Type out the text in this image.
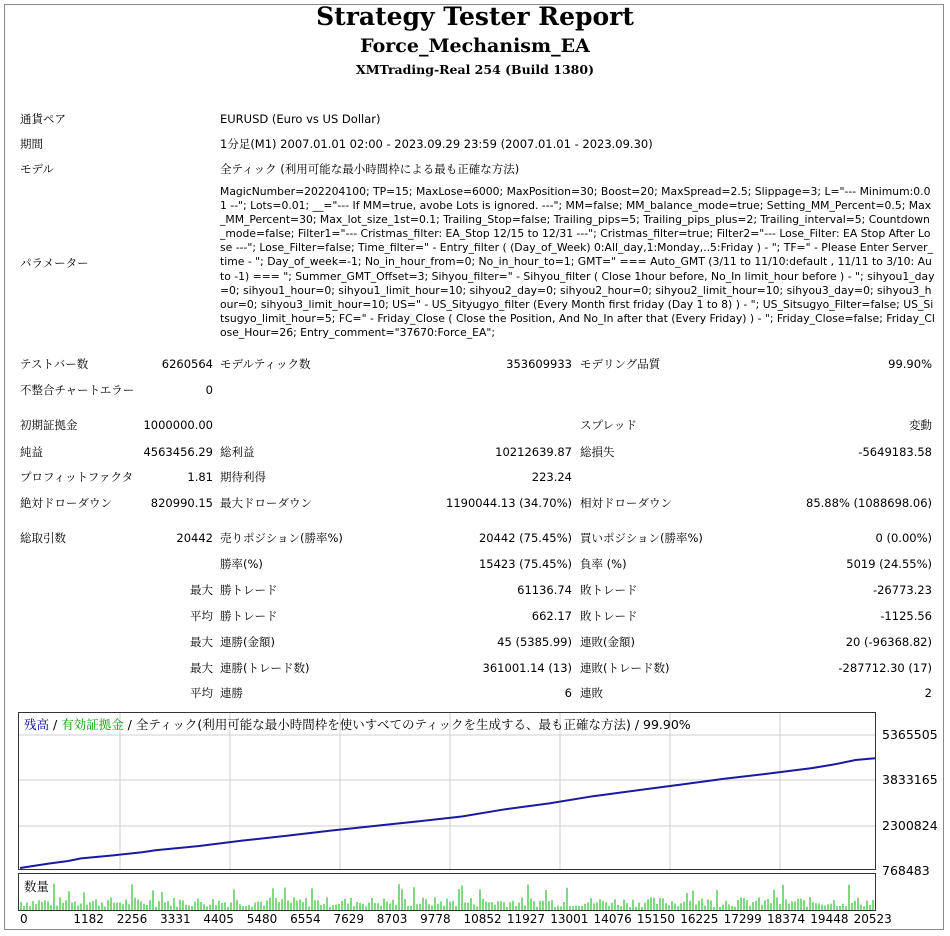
Strategy Tester Report
Force_Mechanism_EA
XMTrading-Real 254 (Build 1380)
通貨ペア	EURUSD (Euro vs US Dollar)
期間	1分足(M1) 2007.01.01 02:00 - 2023.09.29 23:59 (2007.01.01 - 2023.09.30)
モデル	全ティック (利用可能な最小時間枠による最も正確な方法)
パラメーター
MagicNumber=202204100; TP=15; MaxLose=6000; MaxPosition=30; Boost=20; MaxSpread=2.5; Slippage=3; L="--- Minimum:0.01 --"; Lots=0.01; __="--- If MM=true, avobe Lots is ignored. ---"; MM=false; MM_balance_mode=true; Setting_MM_Percent=0.5; Max_MM_Percent=30; Max_lot_size_1st=0.1; Trailing_Stop=false; Trailing_pips=5; Trailing_pips_plus=2; Trailing_interval=5; Countdown_mode=false; Filter1="--- Cristmas_filter: EA_Stop 12/15 to 12/31 ---"; Cristmas_filter=true; Filter2="--- Lose_Filter: EA Stop After Lose ---"; Lose_Filter=false; Time_filter=" - Entry_filter ( (Day_of_Week) 0:All_day,1:Monday,..5:Friday ) - "; TF=" - Please Enter Server_time - "; Day_of_week=-1; No_in_hour_from=0; No_in_hour_to=1; GMT=" === Auto_GMT (3/11 to 11/10:default , 11/11 to 3/10: Auto -1) === "; Summer_GMT_Offset=3; Sihyou_filter=" - Sihyou_filter ( Close 1hour before, No_In limit_hour before ) - "; sihyou1_day=0; sihyou1_hour=0; sihyou1_limit_hour=10; sihyou2_day=0; sihyou2_hour=0; sihyou2_limit_hour=10; sihyou3_day=0; sihyou3_hour=0; sihyou3_limit_hour=10; US=" - US_Sityugyo_filter (Every Month first friday (Day 1 to 8) ) - "; US_Sitsugyo_Filter=false; US_Sitsugyo_limit_hour=5; FC=" - Friday_Close ( Close the Position, And No_In after that (Every Friday) ) - "; Friday_Close=false; Friday_Close_Hour=26; Entry_comment="37670:Force_EA";
テストバー数	6260564 モデルティック数	353609933 モデリング品質	99.90%
不整合チャートエラー	0
初期証拠金	1000000.00	スプレッド	変動
純益	4563456.29 総利益	10212639.87 総損失	-5649183.58
プロフィットファクタ	1.81 期待利得	223.24
絶対ドローダウン	820990.15 最大ドローダウン	1190044.13 (34.70%) 相対ドローダウン	85.88% (1088698.06)
総取引数	20442 売りポジション(勝率%)	20442 (75.45%) 買いポジション(勝率%)	0 (0.00%)
勝率(%)	15423 (75.45%) 負率 (%)	5019 (24.55%)
最大 勝トレード	61136.74 敗トレード	-26773.23
平均 勝トレード	662.17 敗トレード	-1125.56
最大 連勝(金額)	45 (5385.99) 連敗(金額)	20 (-96368.82)
最大 連勝(トレード数)	361001.14 (13) 連敗(トレード数)	-287712.30 (17)
平均 連勝	6 連敗	2
残高 / 有効証拠金 / 全ティック(利用可能な最小時間枠を使いすべてのティックを生成する、最も正確な方法) / 99.90%
5365505
3833165
2300824
768483
数量
0	1182 2256 3331 4405 5480 6554 7629 8703 9778 10852 11927 13001 14076 15150 16225 17299 18374 19448 20523
